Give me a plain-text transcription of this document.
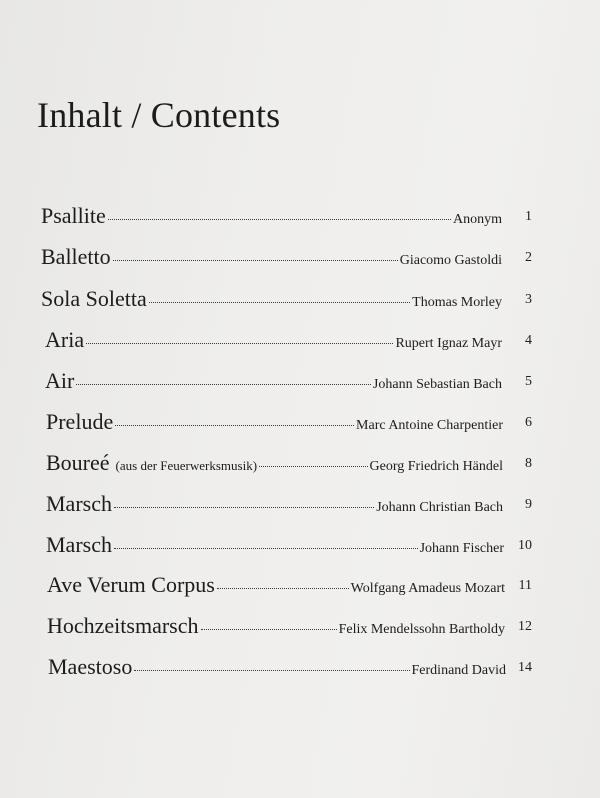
Inhalt / Contents
Psallite	Anonym	1
Balletto	Giacomo Gastoldi	2
Sola Soletta	Thomas Morley	3
Aria	Rupert Ignaz Mayr	4
Air	Johann Sebastian Bach	5
Prelude	Marc Antoine Charpentier	6
Boureé (aus der Feuerwerksmusik)	Georg Friedrich Händel	8
Marsch	Johann Christian Bach	9
Marsch	Johann Fischer	10
Ave Verum Corpus	Wolfgang Amadeus Mozart 11
Hochzeitsmarsch	Felix Mendelssohn Bartholdy 12
Maestoso	Ferdinand David 14
